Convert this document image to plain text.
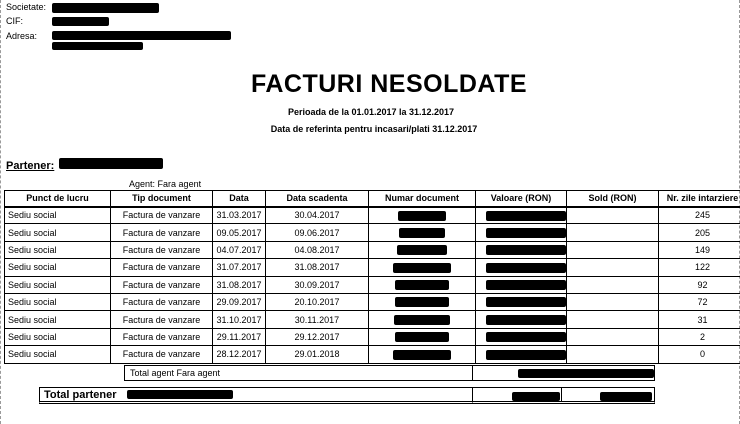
Societate:
CIF:
Adresa:
FACTURI NESOLDATE
Perioada de la 01.01.2017 la 31.12.2017
Data de referinta pentru incasari/plati 31.12.2017
Partener:
Agent: Fara agent
Punct de lucru	Tip document	Data	Data scadenta	Numar document	Valoare (RON)	Sold (RON)	Nr. zile intarziere
Sediu social	Factura de vanzare	31.03.2017	30.04.2017				245
Sediu social	Factura de vanzare	09.05.2017	09.06.2017				205
Sediu social	Factura de vanzare	04.07.2017	04.08.2017				149
Sediu social	Factura de vanzare	31.07.2017	31.08.2017				122
Sediu social	Factura de vanzare	31.08.2017	30.09.2017				92
Sediu social	Factura de vanzare	29.09.2017	20.10.2017				72
Sediu social	Factura de vanzare	31.10.2017	30.11.2017				31
Sediu social	Factura de vanzare	29.11.2017	29.12.2017				2
Sediu social	Factura de vanzare	28.12.2017	29.01.2018				0
Total agent Fara agent
Total partener
